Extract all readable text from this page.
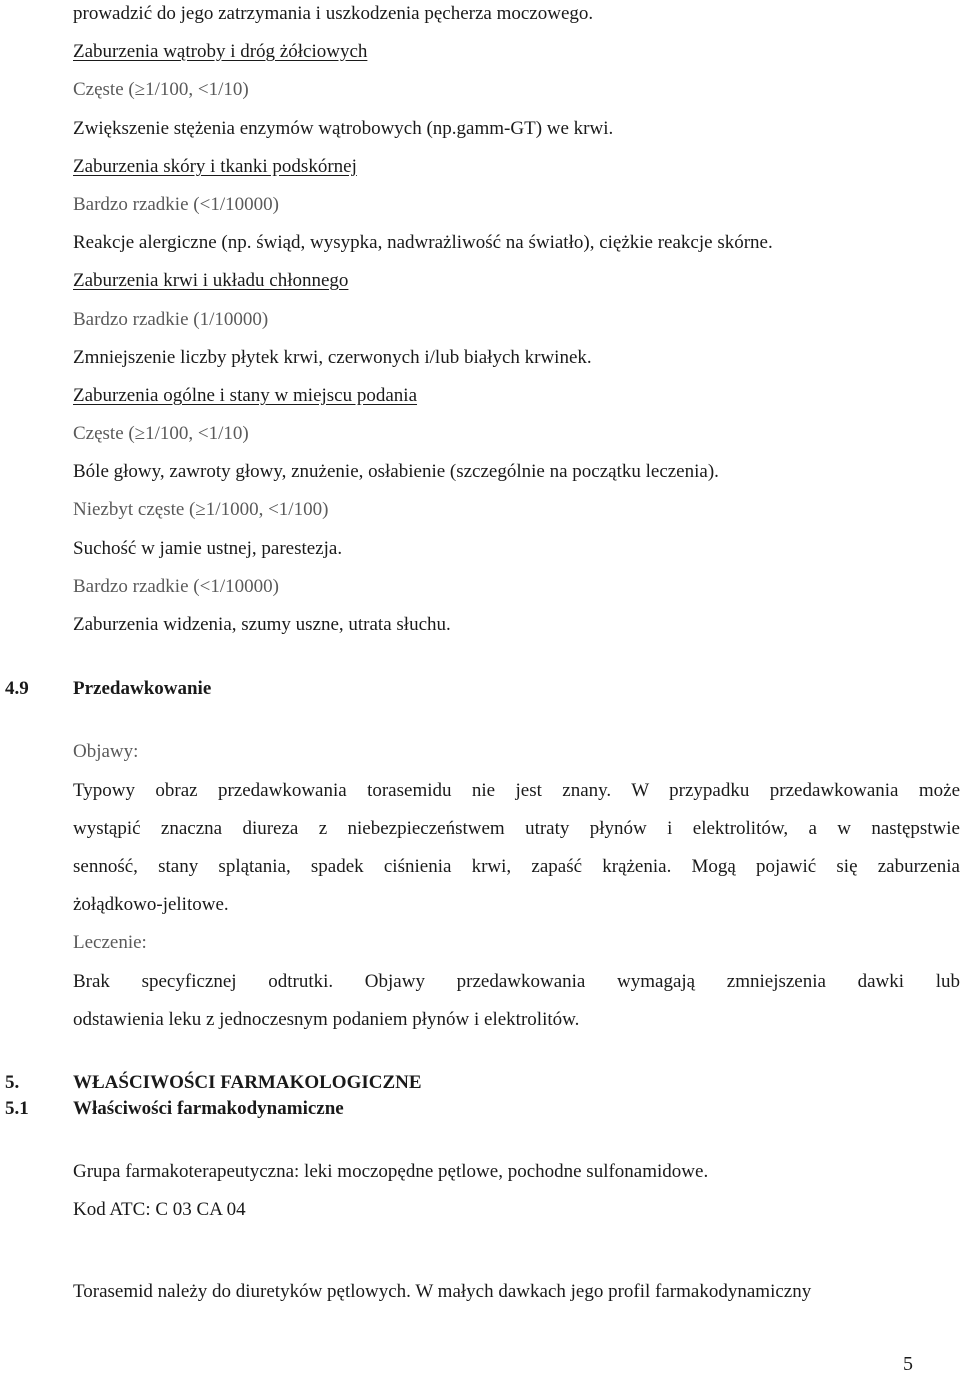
prowadzić do jego zatrzymania i uszkodzenia pęcherza moczowego.
Zaburzenia wątroby i dróg żółciowych
Częste (≥1/100, <1/10)
Zwiększenie stężenia enzymów wątrobowych (np.gamm-GT) we krwi.
Zaburzenia skóry i tkanki podskórnej
Bardzo rzadkie (<1/10000)
Reakcje alergiczne (np. świąd, wysypka, nadwrażliwość na światło), ciężkie reakcje skórne.
Zaburzenia krwi i układu chłonnego
Bardzo rzadkie (1/10000)
Zmniejszenie liczby płytek krwi, czerwonych i/lub białych krwinek.
Zaburzenia ogólne i stany w miejscu podania
Częste (≥1/100, <1/10)
Bóle głowy, zawroty głowy, znużenie, osłabienie (szczególnie na początku leczenia).
Niezbyt częste (≥1/1000, <1/100)
Suchość w jamie ustnej, parestezja.
Bardzo rzadkie (<1/10000)
Zaburzenia widzenia, szumy uszne, utrata słuchu.
4.9 Przedawkowanie
Objawy:
Typowy obraz przedawkowania torasemidu nie jest znany. W przypadku przedawkowania może
wystąpić znaczna diureza z niebezpieczeństwem utraty płynów i elektrolitów, a w następstwie
senność, stany splątania, spadek ciśnienia krwi, zapaść krążenia. Mogą pojawić się zaburzenia
żołądkowo-jelitowe.
Leczenie:
Brak specyficznej odtrutki. Objawy przedawkowania wymagają zmniejszenia dawki lub
odstawienia leku z jednoczesnym podaniem płynów i elektrolitów.
5.	WŁAŚCIWOŚCI FARMAKOLOGICZNE
5.1 Właściwości farmakodynamiczne
Grupa farmakoterapeutyczna: leki moczopędne pętlowe, pochodne sulfonamidowe.
Kod ATC: C 03 CA 04
Torasemid należy do diuretyków pętlowych. W małych dawkach jego profil farmakodynamiczny
5
